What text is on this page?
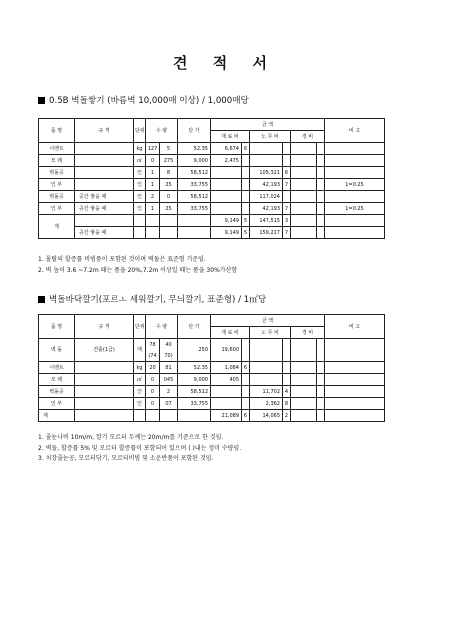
견 적 서
0.5B 벽돌쌓기 (바름벽 10,000매 이상) / 1,000매당
품 명	규 격	단위	수 량		단 가	금 액						비 고
						재 료 비		노 무 비		경 비		
시멘트		kg	127	5	52.35	6,674	6					
모 래		㎥	0	275	9,000	2,475						
벽돌공		인	1	8	58,512			105,321	6			
인 부		인	1	25	33,755			42,193	7			1=0.25
벽돌공	공간 쌓을 때	인	2	0	58,512			117,024				
인 부	공간 쌓을 때	인	1	25	33,755			42,193	7			1=0.25
계						9,149	5	147,515	3			
	공간 쌓을 때					9,149	5	159,217	7			
1. 몰탈의 할증률 비빔품이 포함된 것이며 벽돌은 표준형 기준임.
2. 벽 높이 3.6 ~7.2m 때는 품을 20%,7.2m 이상일 때는 품을 30%가산함
벽돌바닥깔기(포르ㅗ 세워깔기, 무늬깔기, 표준형) / 1㎡당
품 명	규 격	단위	수 량		단 가	금 액						비 고
						재 료 비		노 무 비		경 비		
벽 돌	견출(1급)	매	78	40	250	19,600						
			(74	70)								
시멘트		kg	20	81	52.35	1,084	6					
모 래		㎥	0	045	9,000	405						
벽돌공		인	0	2	58,512			11,702	4			
인 부		인	0	07	33,755			2,362	8			
계						21,089	6	14,065	2			
1. 줄눈나비 10m/m, 깔기 모르터 두께는 20m/m를 기준으로 한 것임.
2. 벽돌, 할증률 5% 및 모르터 할증률이 포함되어 있으며 ( )내는 정미 수량임.
3. 치장줄눈공, 모르터닦기, 모르터비빔 및 소운반품이 포함된 것임.
